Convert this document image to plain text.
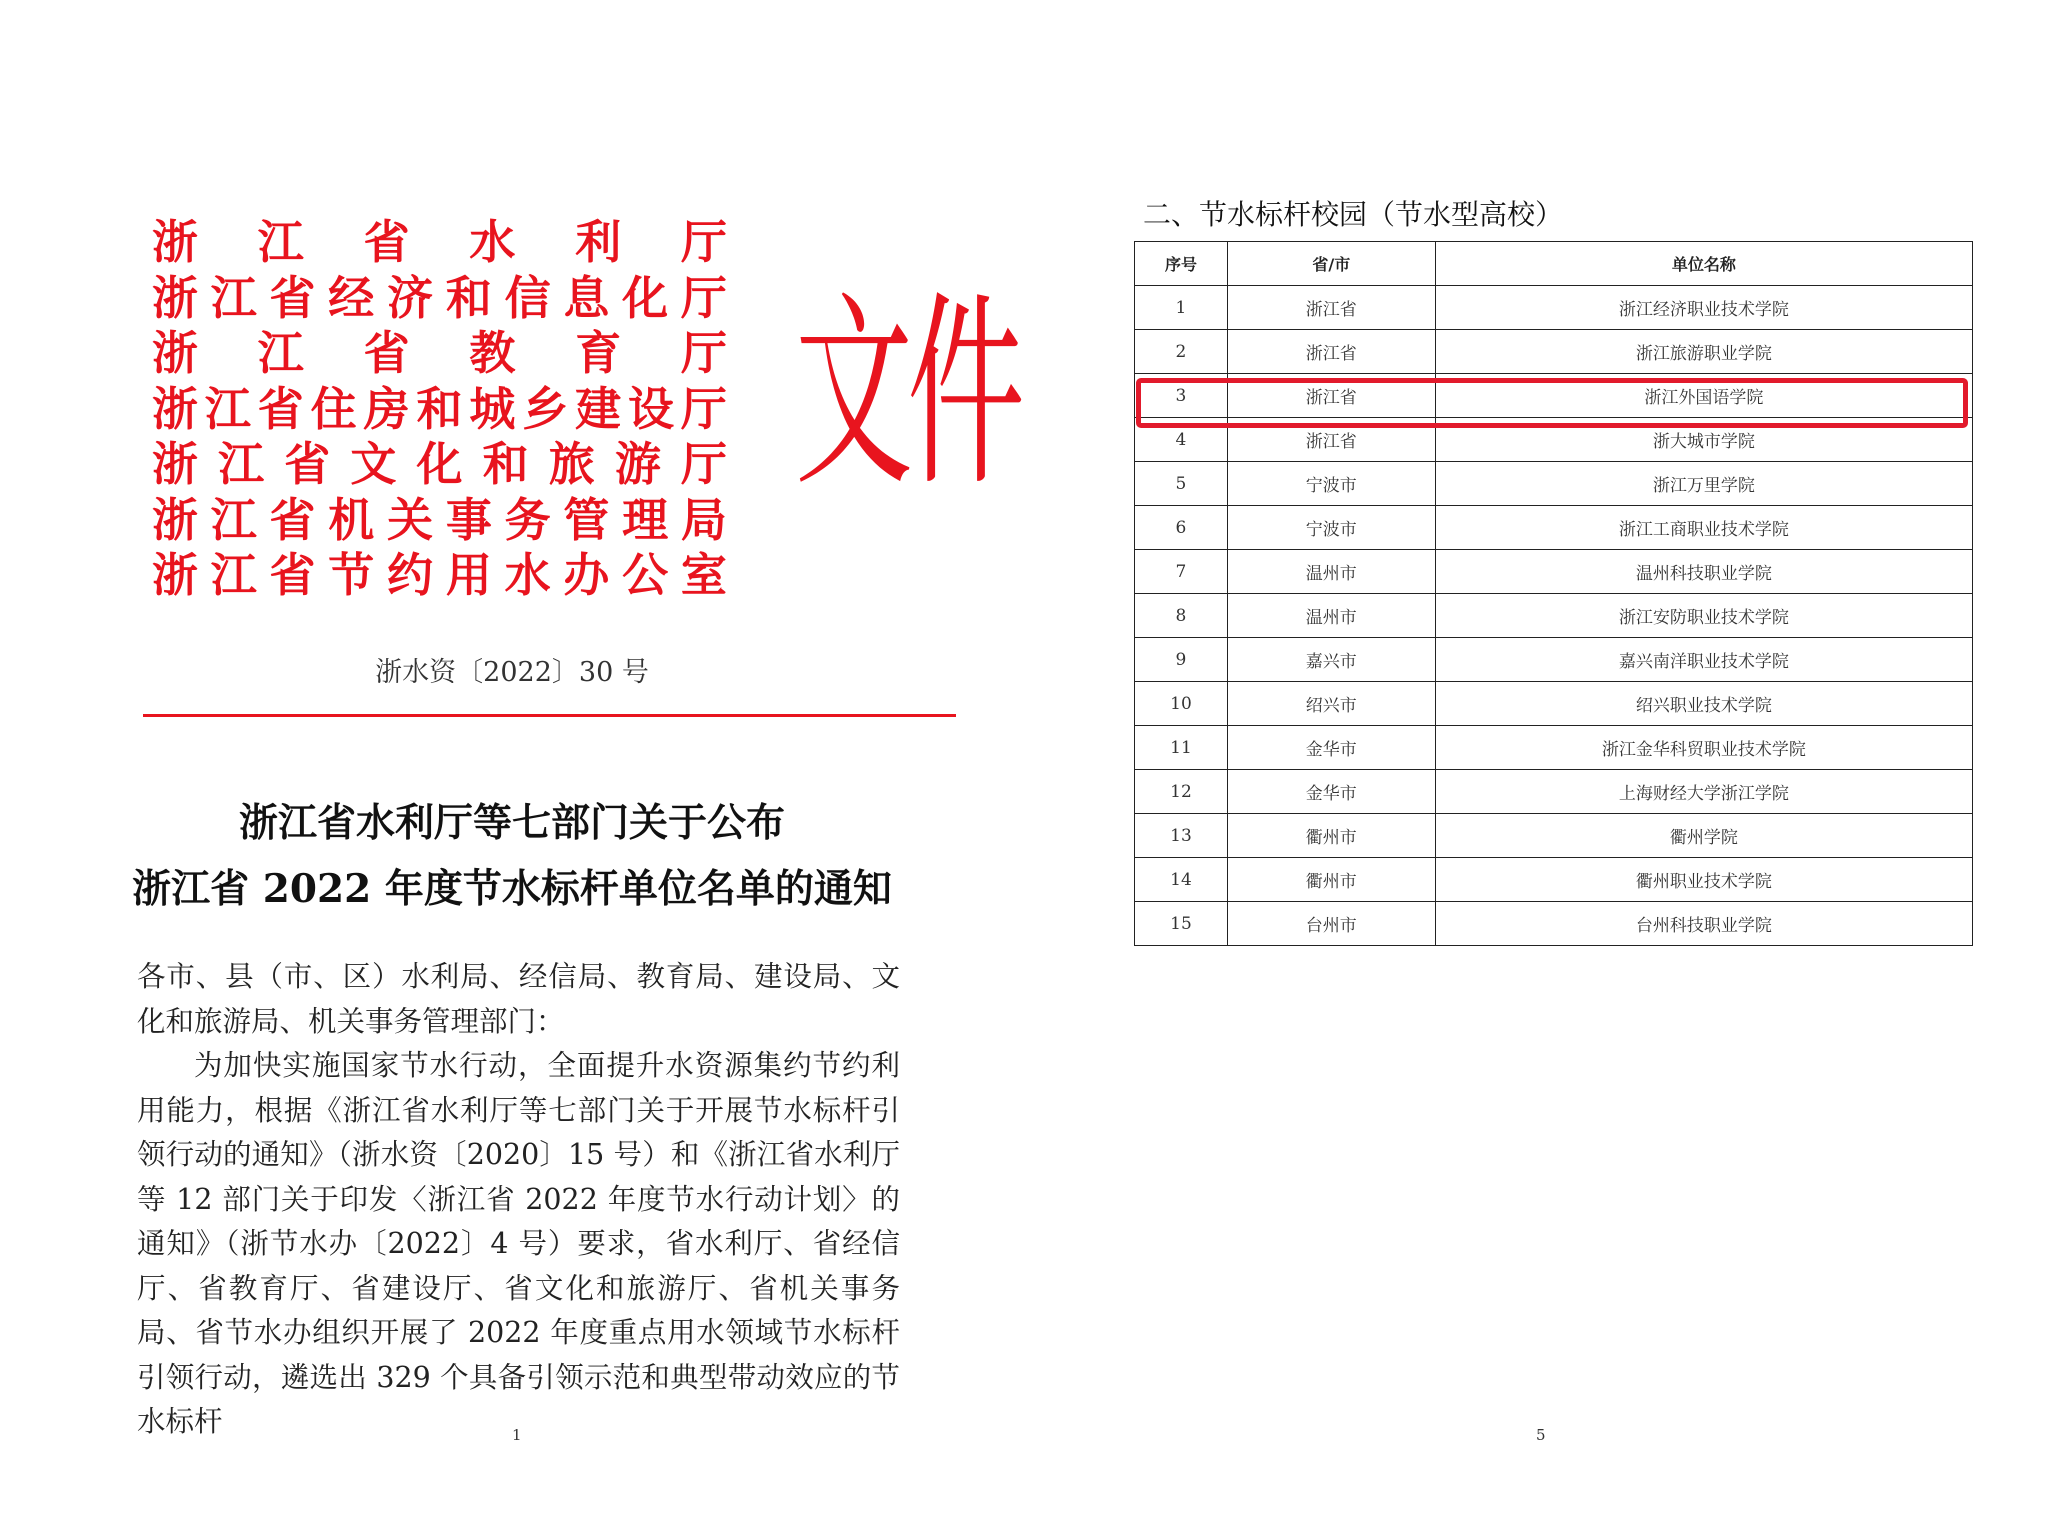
浙 江 省 水 利 厅
浙 江 省 经 济 和 信 息 化 厅
浙 江 省 教 育 厅
浙 江 省 住 房 和 城 乡 建 设 厅
浙 江 省 文 化 和 旅 游 厅
浙 江 省 机 关 事 务 管 理 局
浙 江 省 节 约 用 水 办 公 室
文件
浙水资〔2022〕30 号
浙江省水利厅等七部门关于公布
浙江省 2022 年度节水标杆单位名单的通知

各市、县（市、区）水利局、经信局、教育局、建设局、文化和旅游局、机关事务管理部门：

为加快实施国家节水行动，全面提升水资源集约节约利用能力，根据《浙江省水利厅等七部门关于开展节水标杆引领行动的通知》（浙水资〔2020〕15 号）和《浙江省水利厅等 12 部门关于印发〈浙江省 2022 年度节水行动计划〉的通知》（浙节水办〔2022〕4 号）要求，省水利厅、省经信厅、省教育厅、省建设厅、省文化和旅游厅、省机关事务局、省节水办组织开展了 2022 年度重点用水领域节水标杆引领行动，遴选出 329 个具备引领示范和典型带动效应的节水标杆	1
二、节水标杆校园（节水型高校）
序号	省/市	单位名称
1	浙江省	浙江经济职业技术学院
2	浙江省	浙江旅游职业学院
3	浙江省	浙江外国语学院
4	浙江省	浙大城市学院
5	宁波市	浙江万里学院
6	宁波市	浙江工商职业技术学院
7	温州市	温州科技职业学院
8	温州市	浙江安防职业技术学院
9	嘉兴市	嘉兴南洋职业技术学院
10	绍兴市	绍兴职业技术学院
11	金华市	浙江金华科贸职业技术学院
12	金华市	上海财经大学浙江学院
13	衢州市	衢州学院
14	衢州市	衢州职业技术学院
15	台州市	台州科技职业学院
5
